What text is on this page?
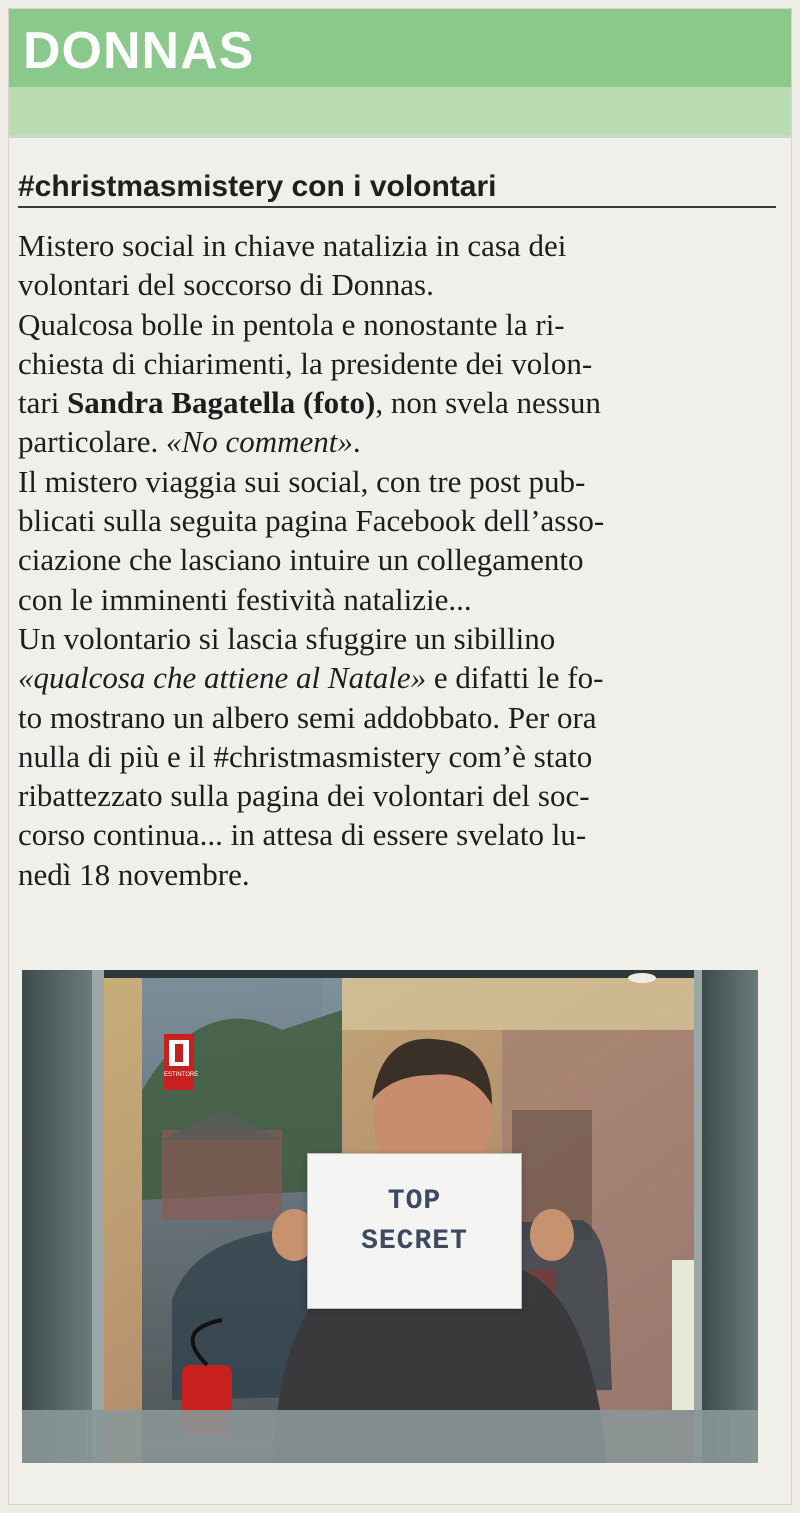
DONNAS
#christmasmistery con i volontari

Mistero social in chiave natalizia in casa dei
volontari del soccorso di Donnas.

Qualcosa bolle in pentola e nonostante la ri-
chiesta di chiarimenti, la presidente dei volon-
tari Sandra Bagatella (foto), non svela nessun
particolare. «No comment».

Il mistero viaggia sui social, con tre post pub-
blicati sulla seguita pagina Facebook dell’asso-
ciazione che lasciano intuire un collegamento
con le imminenti festività natalizie...

Un volontario si lascia sfuggire un sibillino
«qualcosa che attiene al Natale» e difatti le fo-
to mostrano un albero semi addobbato. Per ora
nulla di più e il #christmasmistery com’è stato
ribattezzato sulla pagina dei volontari del soc-
corso continua... in attesa di essere svelato lu-
nedì 18 novembre.

ESTINTORE
TOP
SECRET
